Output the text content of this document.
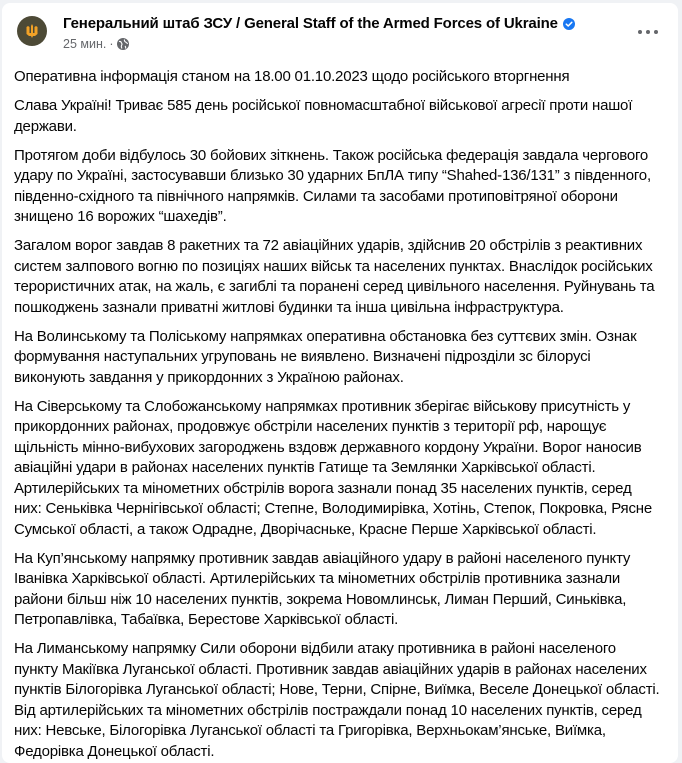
Генеральний штаб ЗСУ / General Staff of the Armed Forces of Ukraine
25 мин. ·

Оперативна інформація станом на 18.00 01.10.2023 щодо російського вторгнення

Слава Україні! Триває 585 день російської повномасштабної військової агресії проти нашої держави.

Протягом доби відбулось 30 бойових зіткнень. Також російська федерація завдала чергового удару по Україні, застосувавши близько 30 ударних БпЛА типу “Shahed-136/131” з південного, південно-східного та північного напрямків. Силами та засобами протиповітряної оборони знищено 16 ворожих “шахедів”.

Загалом ворог завдав 8 ракетних та 72 авіаційних ударів, здійснив 20 обстрілів з реактивних систем залпового вогню по позиціях наших військ та населених пунктах. Внаслідок російських терористичних атак, на жаль, є загиблі та поранені серед цивільного населення. Руйнувань та пошкоджень зазнали приватні житлові будинки та інша цивільна інфраструктура.

На Волинському та Поліському напрямках оперативна обстановка без суттєвих змін. Ознак формування наступальних угруповань не виявлено. Визначені підрозділи зс білорусі виконують завдання у прикордонних з Україною районах.

На Сіверському та Слобожанському напрямках противник зберігає військову присутність у прикордонних районах, продовжує обстріли населених пунктів з території рф, нарощує щільність мінно-вибухових загороджень вздовж державного кордону України. Ворог наносив авіаційні удари в районах населених пунктів Гатище та Землянки Харківської області. Артилерійських та мінометних обстрілів ворога зазнали понад 35 населених пунктів, серед них: Сеньківка Чернігівської області; Степне, Володимирівка, Хотінь, Степок, Покровка, Рясне Сумської області, а також Одрадне, Дворічаснькe, Красне Перше Харківської області.

На Куп’янському напрямку противник завдав авіаційного удару в районі населеного пункту Іванівка Харківської області. Артилерійських та мінометних обстрілів противника зазнали райони більш ніж 10 населених пунктів, зокрема Новомлинськ, Лиман Перший, Синьківка, Петропавлівка, Табаївка, Берестове Харківської області.

На Лиманському напрямку Сили оборони відбили атаку противника в районі населеного пункту Макіївка Луганської області. Противник завдав авіаційних ударів в районах населених пунктів Білогорівка Луганської області; Нове, Терни, Спірне, Виїмка, Веселе Донецької області. Від артилерійських та мінометних обстрілів постраждали понад 10 населених пунктів, серед них: Невське, Білогорівка Луганської області та Григорівка, Верхньокам’янське, Виїмка, Федорівка Донецької області.
